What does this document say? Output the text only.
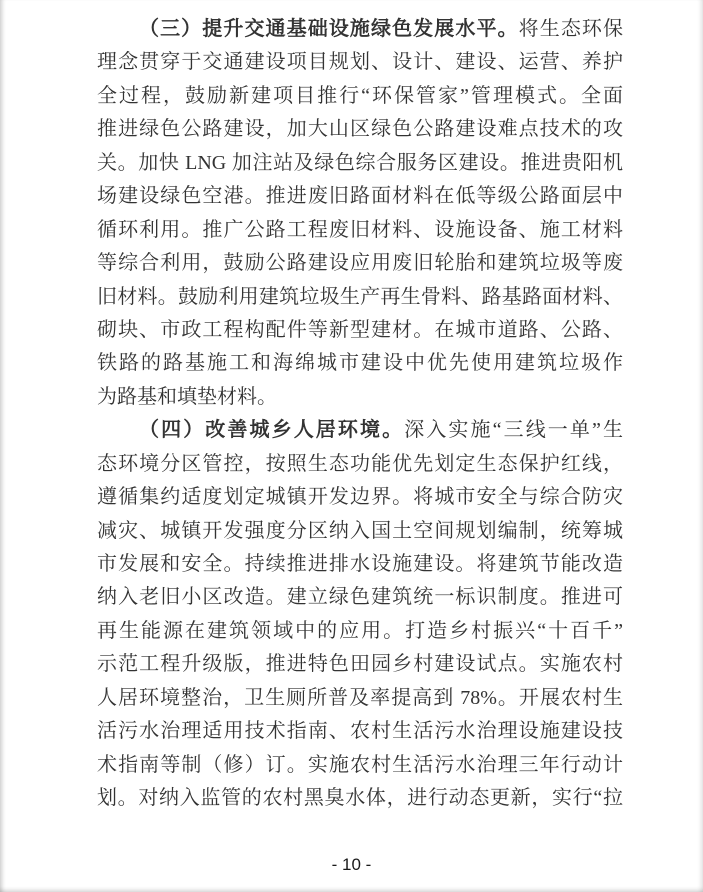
（三）提升交通基础设施绿色发展水平。将生态环保
理念贯穿于交通建设项目规划、设计、建设、运营、养护
全过程，鼓励新建项目推行“环保管家”管理模式。全面
推进绿色公路建设，加大山区绿色公路建设难点技术的攻
关。加快 LNG 加注站及绿色综合服务区建设。推进贵阳机
场建设绿色空港。推进废旧路面材料在低等级公路面层中
循环利用。推广公路工程废旧材料、设施设备、施工材料
等综合利用，鼓励公路建设应用废旧轮胎和建筑垃圾等废
旧材料。鼓励利用建筑垃圾生产再生骨料、路基路面材料、
砌块、市政工程构配件等新型建材。在城市道路、公路、
铁路的路基施工和海绵城市建设中优先使用建筑垃圾作
为路基和填垫材料。
（四）改善城乡人居环境。深入实施“三线一单”生
态环境分区管控，按照生态功能优先划定生态保护红线，
遵循集约适度划定城镇开发边界。将城市安全与综合防灾
减灾、城镇开发强度分区纳入国土空间规划编制，统筹城
市发展和安全。持续推进排水设施建设。将建筑节能改造
纳入老旧小区改造。建立绿色建筑统一标识制度。推进可
再生能源在建筑领域中的应用。打造乡村振兴“十百千”
示范工程升级版，推进特色田园乡村建设试点。实施农村
人居环境整治，卫生厕所普及率提高到 78%。开展农村生
活污水治理适用技术指南、农村生活污水治理设施建设技
术指南等制（修）订。实施农村生活污水治理三年行动计
划。对纳入监管的农村黑臭水体，进行动态更新，实行“拉
- 10 -
